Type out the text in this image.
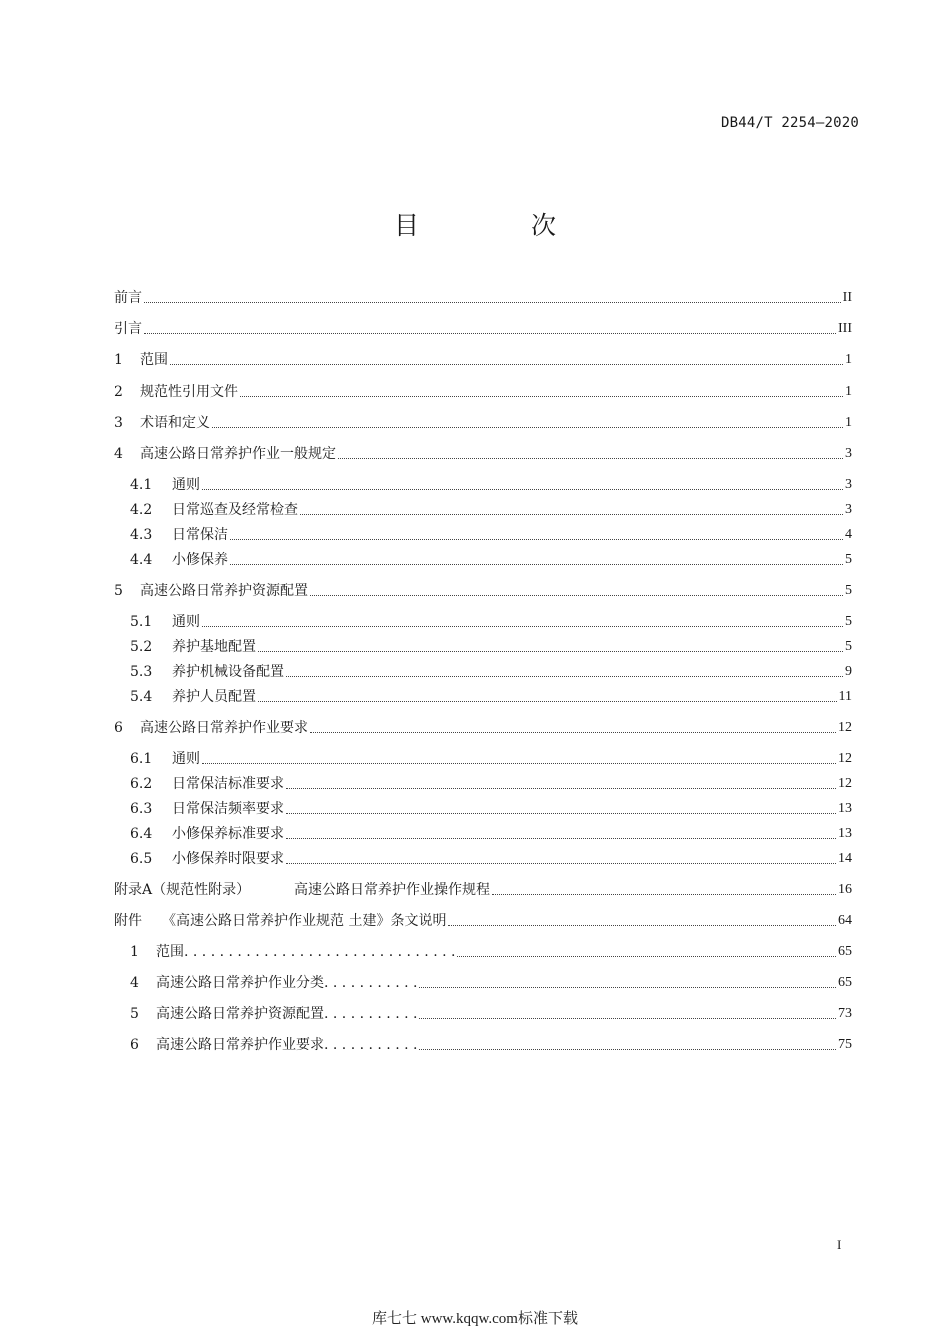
DB44/T 2254—2020
目 次
前言	II
引言	III
1	范围	1
2	规范性引用文件	1
3	术语和定义	1
4	高速公路日常养护作业一般规定	3
4.1	通则	3
4.2	日常巡查及经常检查	3
4.3	日常保洁	4
4.4	小修保养	5
5	高速公路日常养护资源配置	5
5.1	通则	5
5.2	养护基地配置	5
5.3	养护机械设备配置	9
5.4	养护人员配置	11
6	高速公路日常养护作业要求	12
6.1	通则	12
6.2	日常保洁标准要求	12
6.3	日常保洁频率要求	13
6.4	小修保养标准要求	13
6.5	小修保养时限要求	14
附录A（规范性附录）	高速公路日常养护作业操作规程	16
附件	《高速公路日常养护作业规范 土建》条文说明	64
1	范围. . . . . . . . . . . . . . . . . . . . . . . . . . . . . . .	65
4	高速公路日常养护作业分类. . . . . . . . . . .	65
5	高速公路日常养护资源配置. . . . . . . . . . .	73
6	高速公路日常养护作业要求. . . . . . . . . . .	75
I
库七七 www.kqqw.com标准下载
